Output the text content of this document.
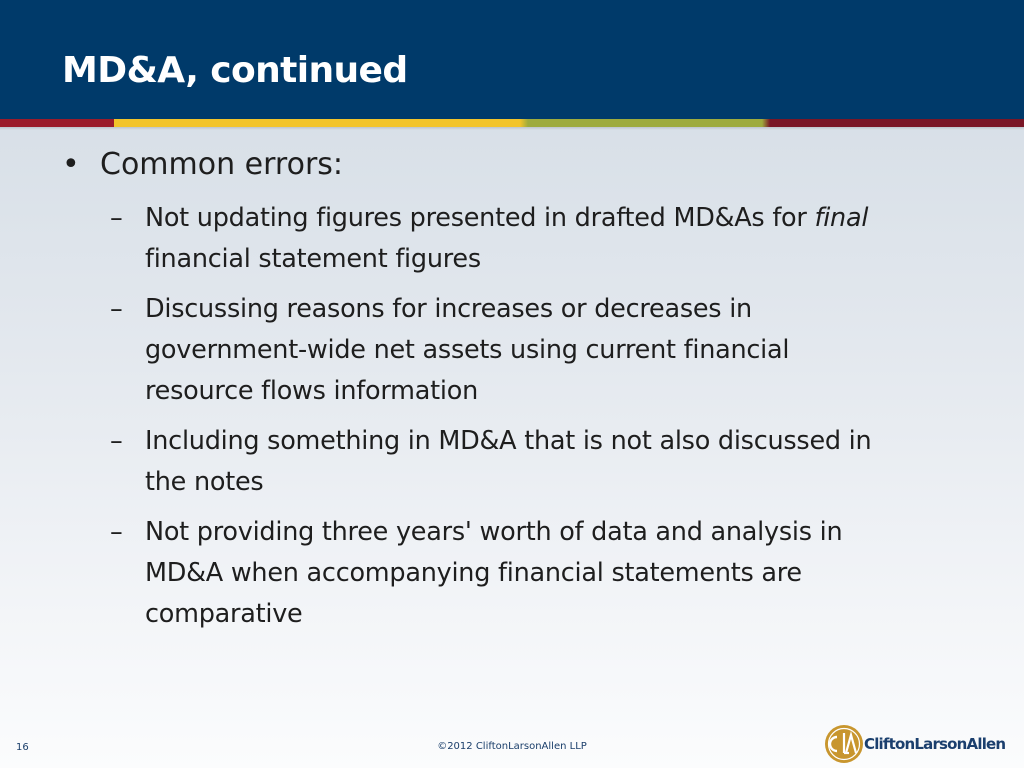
MD&A, continued
• Common errors:
– Not updating figures presented in drafted MD&As for final
financial statement figures
– Discussing reasons for increases or decreases in
government-wide net assets using current financial
resource flows information
– Including something in MD&A that is not also discussed in
the notes
– Not providing three years' worth of data and analysis in
MD&A when accompanying financial statements are
comparative
16	©2012 CliftonLarsonAllen LLP	CliftonLarsonAllen
